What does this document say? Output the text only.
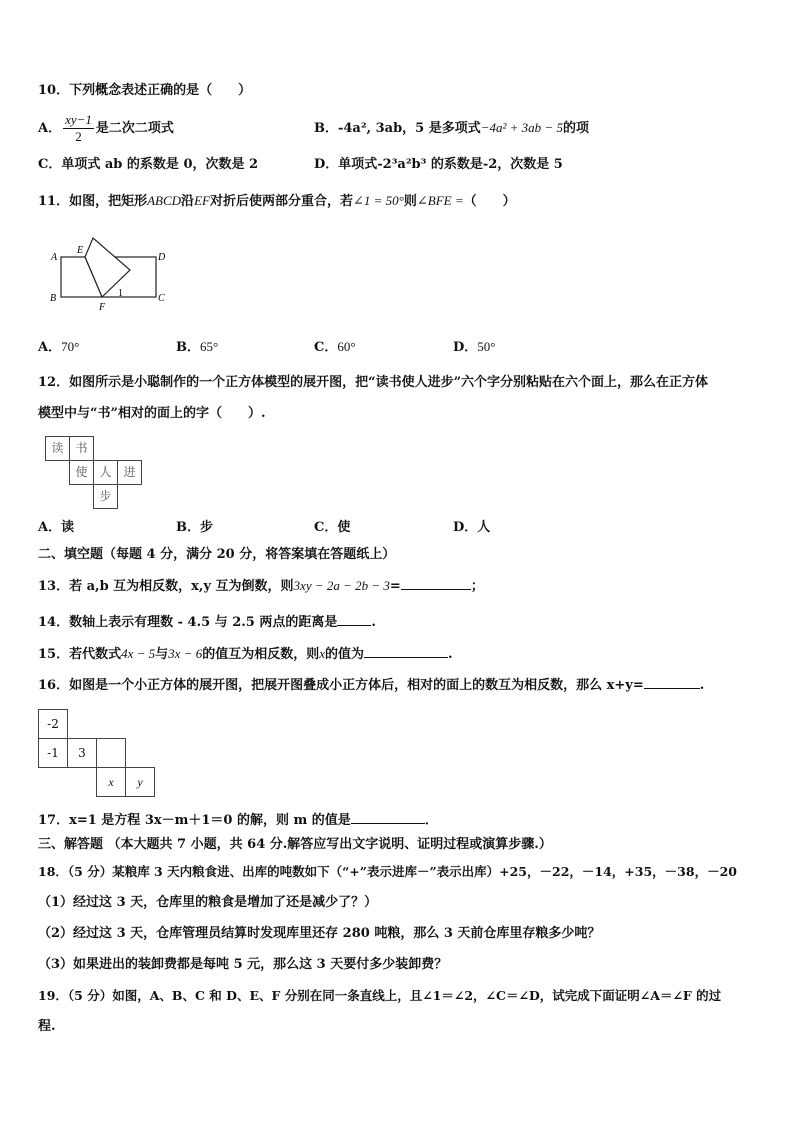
10．下列概念表述正确的是（　　）
A． $\frac{xy-1}{2}$ 是二次二项式	B．-4a², 3ab，5 是多项式−4a² + 3ab − 5的项
C．单项式 ab 的系数是 0，次数是 2	D．单项式-2³a²b³ 的系数是-2，次数是 5
11．如图，把矩形ABCD沿EF对折后使两部分重合，若∠1 = 50°则∠BFE =（　　）
A
B	C
D
E
F
1
A．70°	B．65°	C．60°	D．50°
12．如图所示是小聪制作的一个正方体模型的展开图，把“读书使人进步”六个字分别粘贴在六个面上，那么在正方体
模型中与“书”相对的面上的字（　　）.
读 书
使 人 进
步
A．读	B．步	C．使	D．人
二、填空题（每题 4 分，满分 20 分，将答案填在答题纸上）
13．若 a,b 互为相反数，x,y 互为倒数，则3xy − 2a − 2b − 3=	；
14．数轴上表示有理数 - 4.5 与 2.5 两点的距离是	.
15．若代数式4x − 5与3x − 6的值互为相反数，则x的值为	.
16．如图是一个小正方体的展开图，把展开图叠成小正方体后，相对的面上的数互为相反数，那么 x+y=	.
-2
-1	3
x	y
17．x=1 是方程 3x－m＋1＝0 的解，则 m 的值是	．
三、解答题 （本大题共 7 小题，共 64 分.解答应写出文字说明、证明过程或演算步骤.）
18．（5 分）某粮库 3 天内粮食进、出库的吨数如下（“+”表示进库－”表示出库）+25，－22，－14，+35，－38，－20
（1）经过这 3 天，仓库里的粮食是增加了还是减少了？）
（2）经过这 3 天，仓库管理员结算时发现库里还存 280 吨粮，那么 3 天前仓库里存粮多少吨？
（3）如果进出的装卸费都是每吨 5 元，那么这 3 天要付多少装卸费？
19．（5 分）如图，A、B、C 和 D、E、F 分别在同一条直线上，且∠1＝∠2，∠C＝∠D，试完成下面证明∠A＝∠F 的过
程.
